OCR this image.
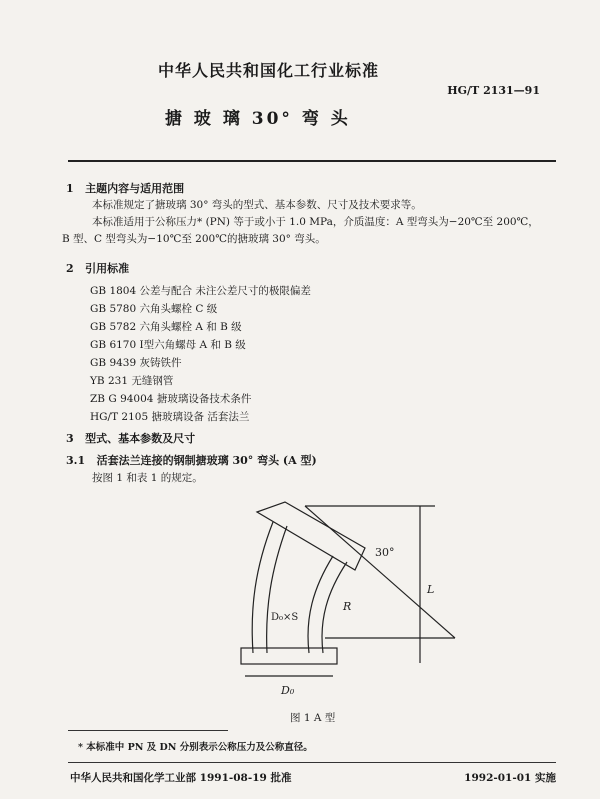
中华人民共和国化工行业标准
HG/T 2131—91
搪 玻 璃 30° 弯 头
1 主题内容与适用范围
本标准规定了搪玻璃 30° 弯头的型式、基本参数、尺寸及技术要求等。
本标准适用于公称压力* (PN) 等于或小于 1.0 MPa，介质温度：A 型弯头为−20℃至 200℃，
B 型、C 型弯头为−10℃至 200℃的搪玻璃 30° 弯头。
2 引用标准
GB 1804 公差与配合 未注公差尺寸的极限偏差
GB 5780 六角头螺栓 C 级
GB 5782 六角头螺栓 A 和 B 级
GB 6170 Ⅰ型六角螺母 A 和 B 级
GB 9439 灰铸铁件
YB 231 无缝钢管
ZB G 94004 搪玻璃设备技术条件
HG/T 2105 搪玻璃设备 活套法兰
3 型式、基本参数及尺寸
3.1 活套法兰连接的钢制搪玻璃 30° 弯头 (A 型)
按图 1 和表 1 的规定。
30°
R
L
D₀×S
D₀
图 1 A 型
* 本标准中 PN 及 DN 分别表示公称压力及公称直径。
中华人民共和国化学工业部 1991-08-19 批准	1992-01-01 实施
